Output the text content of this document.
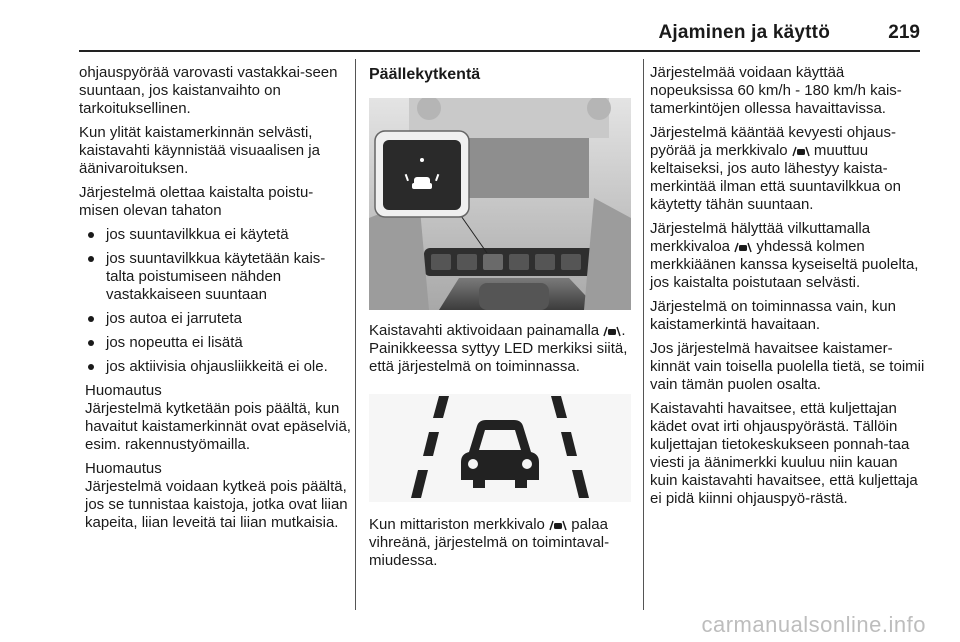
Ajaminen ja käyttö	219

ohjauspyörää varovasti vastakkai-seen suuntaan, jos kaistanvaihto on tarkoituksellinen.

Kun ylität kaistamerkinnän selvästi, kaistavahti käynnistää visuaalisen ja äänivaroituksen.

Järjestelmä olettaa kaistalta poistu-misen olevan tahaton

jos suuntavilkkua ei käytetä
jos suuntavilkkua käytetään kais-talta poistumiseen nähden vastakkaiseen suuntaan
jos autoa ei jarruteta
jos nopeutta ei lisätä
jos aktiivisia ohjausliikkeitä ei ole.
Huomautus
Järjestelmä kytketään pois päältä, kun havaitut kaistamerkinnät ovat epäselviä, esim. rakennustyömailla.
Huomautus
Järjestelmä voidaan kytkeä pois päältä, jos se tunnistaa kaistoja, jotka ovat liian kapeita, liian leveitä tai liian mutkaisia.
Päällekytkentä

Kaistavahti aktivoidaan painamalla . Painikkeessa syttyy LED merkiksi siitä, että järjestelmä on toiminnassa.

Kun mittariston merkkivalo palaa vihreänä, järjestelmä on toimintaval-miudessa.

Järjestelmää voidaan käyttää nopeuksissa 60 km/h - 180 km/h kais-tamerkintöjen ollessa havaittavissa.

Järjestelmä kääntää kevyesti ohjaus-pyörää ja merkkivalo muuttuu keltaiseksi, jos auto lähestyy kaista-merkintää ilman että suuntavilkkua on käytetty tähän suuntaan.

Järjestelmä hälyttää vilkuttamalla merkkivaloa yhdessä kolmen merkkiäänen kanssa kyseiseltä puolelta, jos kaistalta poistutaan selvästi.

Järjestelmä on toiminnassa vain, kun kaistamerkintä havaitaan.

Jos järjestelmä havaitsee kaistamer-kinnät vain toisella puolella tietä, se toimii vain tämän puolen osalta.

Kaistavahti havaitsee, että kuljettajan kädet ovat irti ohjauspyörästä. Tällöin kuljettajan tietokeskukseen ponnah-taa viesti ja äänimerkki kuuluu niin kauan kuin kaistavahti havaitsee, että kuljettaja ei pidä kiinni ohjauspyö-rästä.

carmanualsonline.info
